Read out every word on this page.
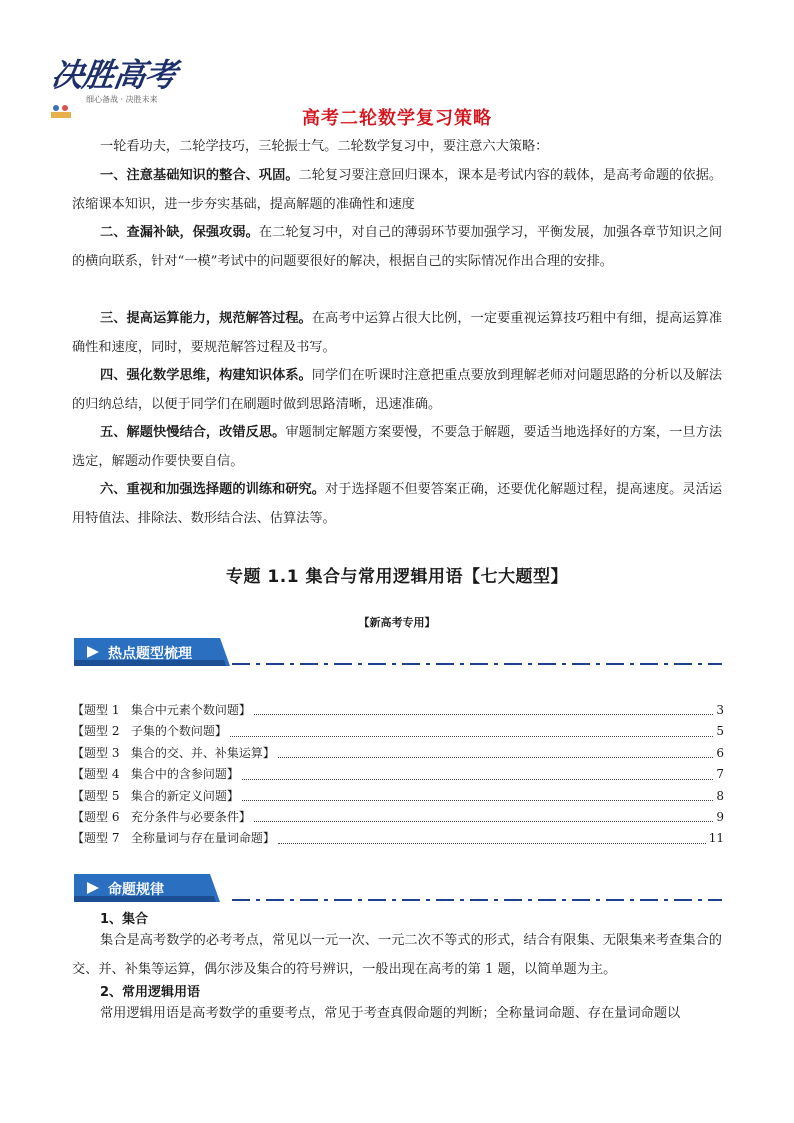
决胜高考
细心备战 · 决胜未来
高考二轮数学复习策略
一轮看功夫，二轮学技巧，三轮振士气。二轮数学复习中，要注意六大策略：
一、注意基础知识的整合、巩固。二轮复习要注意回归课本，课本是考试内容的载体，是高考命题的依据。浓缩课本知识，进一步夯实基础，提高解题的准确性和速度
二、查漏补缺，保强攻弱。在二轮复习中，对自己的薄弱环节要加强学习，平衡发展，加强各章节知识之间的横向联系，针对“一模”考试中的问题要很好的解决，根据自己的实际情况作出合理的安排。
三、提高运算能力，规范解答过程。在高考中运算占很大比例，一定要重视运算技巧粗中有细，提高运算准确性和速度，同时，要规范解答过程及书写。
四、强化数学思维，构建知识体系。同学们在听课时注意把重点要放到理解老师对问题思路的分析以及解法的归纳总结，以便于同学们在刷题时做到思路清晰，迅速准确。
五、解题快慢结合，改错反思。审题制定解题方案要慢，不要急于解题，要适当地选择好的方案，一旦方法选定，解题动作要快要自信。
六、重视和加强选择题的训练和研究。对于选择题不但要答案正确，还要优化解题过程，提高速度。灵活运用特值法、排除法、数形结合法、估算法等。
专题 1.1 集合与常用逻辑用语【七大题型】
【新高考专用】
热点题型梳理
【题型 1   集合中元素个数问题】	3
【题型 2   子集的个数问题】	5
【题型 3   集合的交、并、补集运算】	6
【题型 4   集合中的含参问题】	7
【题型 5   集合的新定义问题】	8
【题型 6   充分条件与必要条件】	9
【题型 7   全称量词与存在量词命题】	11
命题规律
1、集合
集合是高考数学的必考考点，常见以一元一次、一元二次不等式的形式，结合有限集、无限集来考查集合的交、并、补集等运算，偶尔涉及集合的符号辨识，一般出现在高考的第 1 题，以简单题为主。
2、常用逻辑用语
常用逻辑用语是高考数学的重要考点，常见于考查真假命题的判断；全称量词命题、存在量词命题以
